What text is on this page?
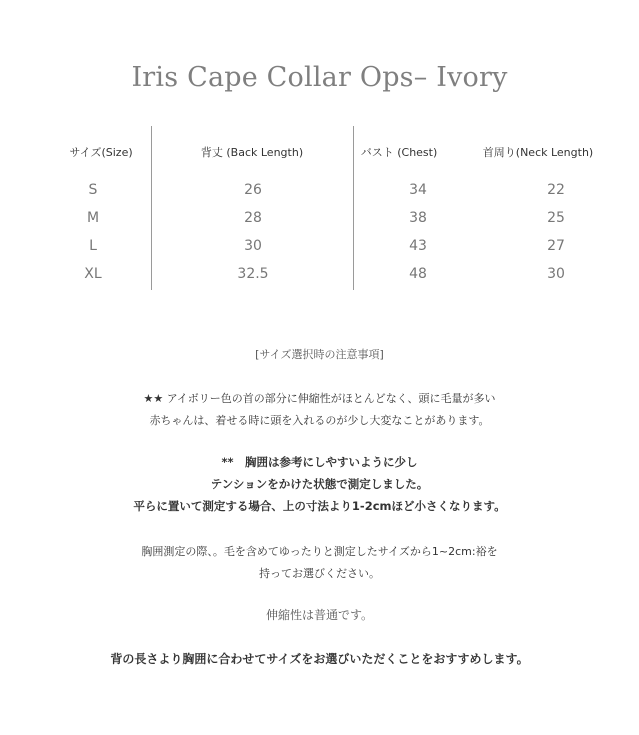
Iris Cape Collar Ops– Ivory
サイズ(Size)	背丈 (Back Length)	バスト (Chest)	首周り(Neck Length)
S	26	34	22
M	28	38	25
L	30	43	27
XL	32.5	48	30
[サイズ選択時の注意事項]
★★ アイボリー色の首の部分に伸縮性がほとんどなく、頭に毛量が多い
赤ちゃんは、着せる時に頭を入れるのが少し大変なことがあります。
**　胸囲は参考にしやすいように少し
テンションをかけた状態で測定しました。
平らに置いて測定する場合、上の寸法より1-2cmほど小さくなります。
胸囲測定の際、。毛を含めてゆったりと測定したサイズから1~2cm:裕を
持ってお選びください。
伸縮性は普通です。
背の長さより胸囲に合わせてサイズをお選びいただくことをおすすめします。
